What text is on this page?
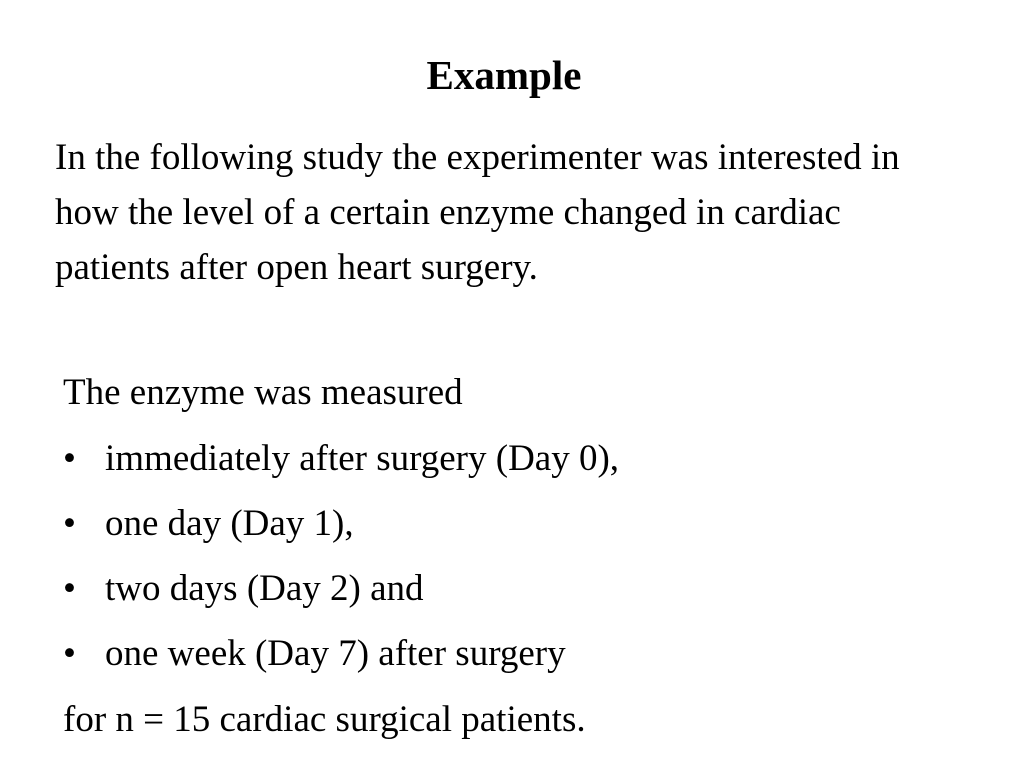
Example
In the following study the experimenter was interested in how the level of a certain enzyme changed in cardiac patients after open heart surgery.
The enzyme was measured
• immediately after surgery (Day 0),
• one day (Day 1),
• two days (Day 2) and
• one week (Day 7) after surgery
for n = 15 cardiac surgical patients.
